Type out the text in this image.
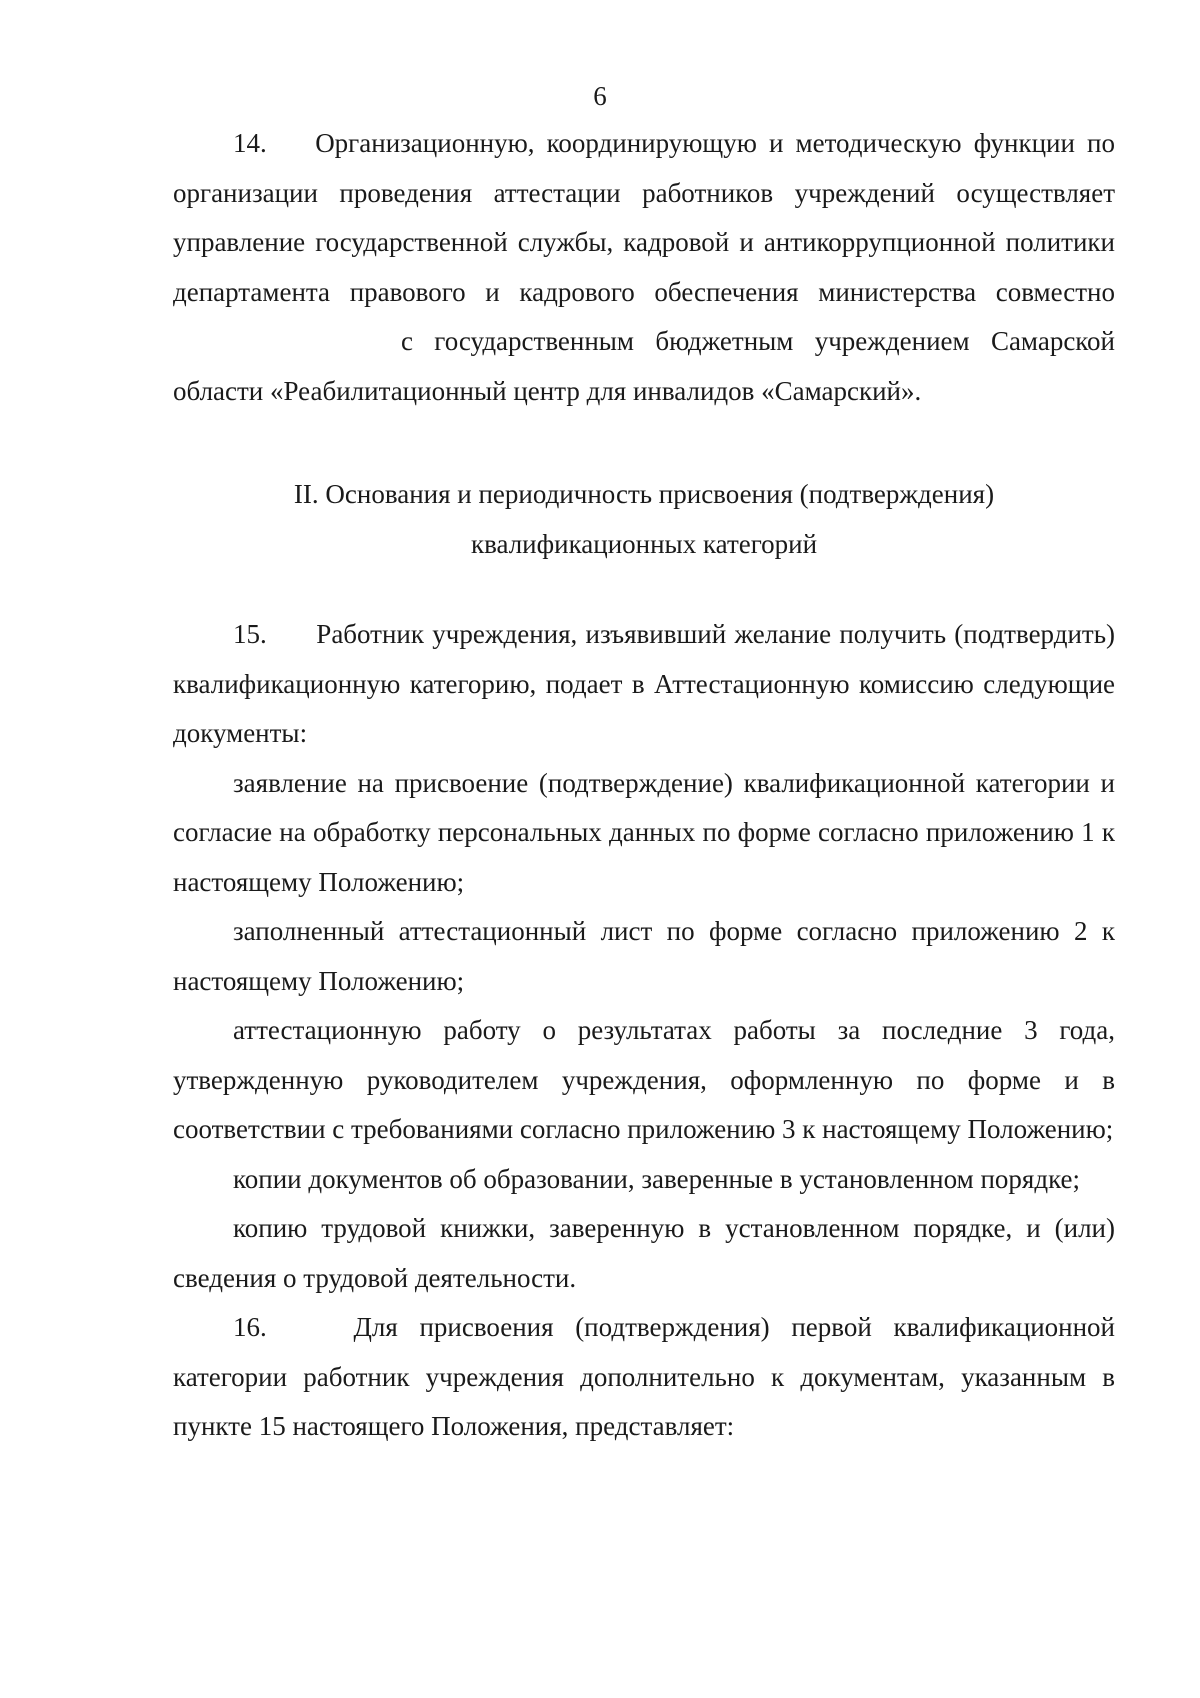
6

14. Организационную, координирующую и методическую функции по организации проведения аттестации работников учреждений осуществляет управление государственной службы, кадровой и антикоррупционной политики департамента правового и кадрового обеспечения министерства совместнос государственным бюджетным учреждением Самарской области «Реабилитационный центр для инвалидов «Самарский».

II. Основания и периодичность присвоения (подтверждения)
квалификационных категорий

15. Работник учреждения, изъявивший желание получить (подтвердить) квалификационную категорию, подает в Аттестационную комиссию следующие документы:

заявление на присвоение (подтверждение) квалификационной категории и согласие на обработку персональных данных по форме согласно приложению 1 к настоящему Положению;

заполненный аттестационный лист по форме согласно приложению 2 к настоящему Положению;

аттестационную работу о результатах работы за последние 3 года, утвержденную руководителем учреждения, оформленную по форме и в соответствии с требованиями согласно приложению 3 к настоящему Положению;

копии документов об образовании, заверенные в установленном порядке;

копию трудовой книжки, заверенную в установленном порядке, и (или) сведения о трудовой деятельности.

16.	Для присвоения (подтверждения) первой квалификационной категории работник учреждения дополнительно к документам, указанным в пункте 15 настоящего Положения, представляет:
